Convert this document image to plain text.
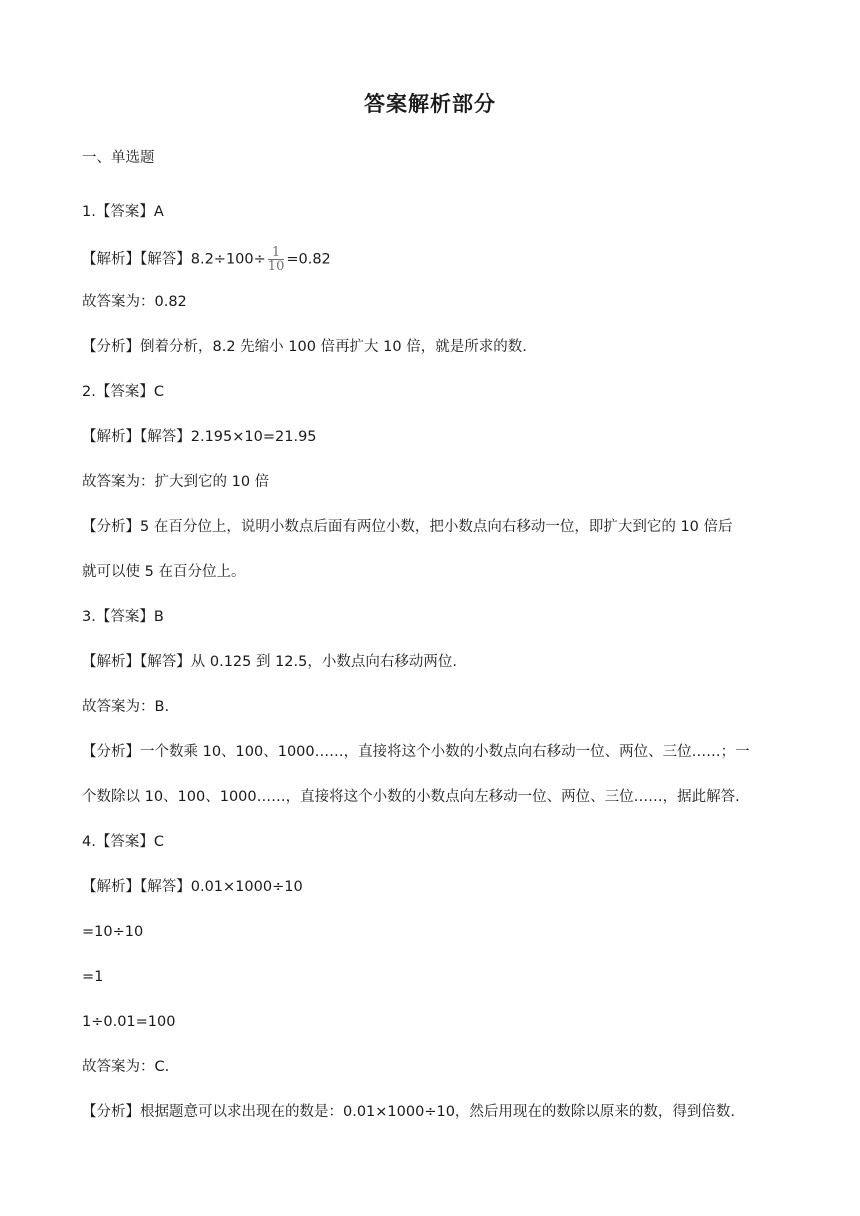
答案解析部分
一、单选题
1.【答案】A
【解析】【解答】$8.2\div 100\div \frac{1}{10} =0.82$
故答案为：0.82
【分析】倒着分析，8.2 先缩小 100 倍再扩大 10 倍，就是所求的数.
2.【答案】C
【解析】【解答】2.195×10=21.95
故答案为：扩大到它的 10 倍
【分析】5 在百分位上，说明小数点后面有两位小数，把小数点向右移动一位，即扩大到它的 10 倍后
就可以使 5 在百分位上。
3.【答案】B
【解析】【解答】从 0.125 到 12.5，小数点向右移动两位.
故答案为：B.
【分析】一个数乘 10、100、1000……，直接将这个小数的小数点向右移动一位、两位、三位……；一
个数除以 10、100、1000……，直接将这个小数的小数点向左移动一位、两位、三位……，据此解答.
4.【答案】C
【解析】【解答】0.01×1000÷10
=10÷10
=1
1÷0.01=100
故答案为：C.
【分析】根据题意可以求出现在的数是：0.01×1000÷10，然后用现在的数除以原来的数，得到倍数.
